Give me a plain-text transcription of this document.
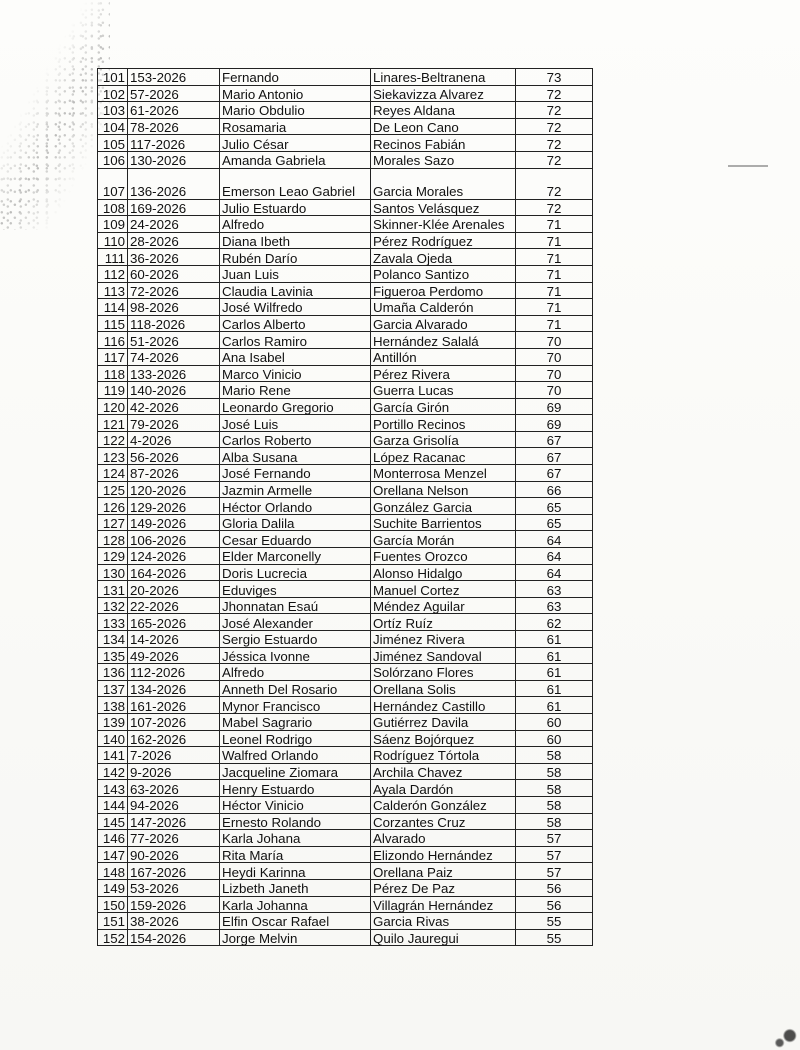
101	153-2026	Fernando	Linares-Beltranena	73
102	57-2026	Mario Antonio	Siekavizza Alvarez	72
103	61-2026	Mario Obdulio	Reyes Aldana	72
104	78-2026	Rosamaria	De Leon Cano	72
105	117-2026	Julio César	Recinos Fabián	72
106	130-2026	Amanda Gabriela	Morales Sazo	72
107	136-2026	Emerson Leao Gabriel	Garcia Morales	72
108	169-2026	Julio Estuardo	Santos Velásquez	72
109	24-2026	Alfredo	Skinner-Klée Arenales	71
110	28-2026	Diana Ibeth	Pérez Rodríguez	71
111	36-2026	Rubén Darío	Zavala Ojeda	71
112	60-2026	Juan Luis	Polanco Santizo	71
113	72-2026	Claudia Lavinia	Figueroa Perdomo	71
114	98-2026	José Wilfredo	Umaña Calderón	71
115	118-2026	Carlos Alberto	Garcia Alvarado	71
116	51-2026	Carlos Ramiro	Hernández Salalá	70
117	74-2026	Ana Isabel	Antillón	70
118	133-2026	Marco Vinicio	Pérez Rivera	70
119	140-2026	Mario Rene	Guerra Lucas	70
120	42-2026	Leonardo Gregorio	García Girón	69
121	79-2026	José Luis	Portillo Recinos	69
122	4-2026	Carlos Roberto	Garza Grisolía	67
123	56-2026	Alba Susana	López Racanac	67
124	87-2026	José Fernando	Monterrosa Menzel	67
125	120-2026	Jazmin Armelle	Orellana Nelson	66
126	129-2026	Héctor Orlando	González Garcia	65
127	149-2026	Gloria Dalila	Suchite Barrientos	65
128	106-2026	Cesar Eduardo	García Morán	64
129	124-2026	Elder Marconelly	Fuentes Orozco	64
130	164-2026	Doris Lucrecia	Alonso Hidalgo	64
131	20-2026	Eduviges	Manuel Cortez	63
132	22-2026	Jhonnatan Esaú	Méndez Aguilar	63
133	165-2026	José Alexander	Ortíz Ruíz	62
134	14-2026	Sergio Estuardo	Jiménez Rivera	61
135	49-2026	Jéssica Ivonne	Jiménez Sandoval	61
136	112-2026	Alfredo	Solórzano Flores	61
137	134-2026	Anneth Del Rosario	Orellana Solis	61
138	161-2026	Mynor Francisco	Hernández Castillo	61
139	107-2026	Mabel Sagrario	Gutiérrez Davila	60
140	162-2026	Leonel Rodrigo	Sáenz Bojórquez	60
141	7-2026	Walfred Orlando	Rodríguez Tórtola	58
142	9-2026	Jacqueline Ziomara	Archila Chavez	58
143	63-2026	Henry Estuardo	Ayala Dardón	58
144	94-2026	Héctor Vinicio	Calderón González	58
145	147-2026	Ernesto Rolando	Corzantes Cruz	58
146	77-2026	Karla Johana	Alvarado	57
147	90-2026	Rita María	Elizondo Hernández	57
148	167-2026	Heydi Karinna	Orellana Paiz	57
149	53-2026	Lizbeth Janeth	Pérez De Paz	56
150	159-2026	Karla Johanna	Villagrán Hernández	56
151	38-2026	Elfin Oscar Rafael	Garcia Rivas	55
152	154-2026	Jorge Melvin	Quilo Jauregui	55
